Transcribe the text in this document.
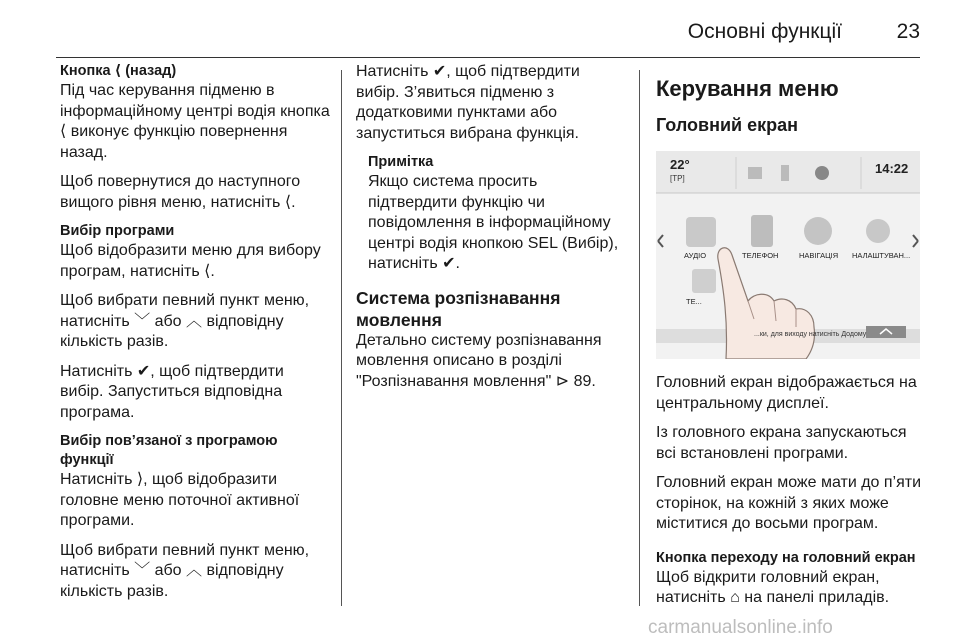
Основні функції	23

Кнопка ⟨ (назад)

Під час керування підменю в інформаційному центрі водія кнопка ⟨ виконує функцію повернення назад.

Щоб повернутися до наступного вищого рівня меню, натисніть ⟨.

Вибір програми

Щоб відобразити меню для вибору програм, натисніть ⟨.

Щоб вибрати певний пункт меню, натисніть ﹀ або ︿ відповідну кількість разів.

Натисніть ✔, щоб підтвердити вибір. Запуститься відповідна програма.

Вибір пов’язаної з програмою функції

Натисніть ⟩, щоб відобразити головне меню поточної активної програми.

Щоб вибрати певний пункт меню, натисніть ﹀ або ︿ відповідну кількість разів.

Натисніть ✔, щоб підтвердити вибір. З’явиться підменю з додатковими пунктами або запуститься вибрана функція.

Примітка

Якщо система просить підтвердити функцію чи повідомлення в інформаційному центрі водія кнопкою SEL (Вибір), натисніть ✔.

Система розпізнавання мовлення

Детально систему розпізнавання мовлення описано в розділі "Розпізнавання мовлення" ⊳ 89.

Керування меню

Головний екран

22°
[ТР]
14:22
АУДІО	ТЕЛЕФОН	НАВІГАЦІЯ НАЛАШТУВАН...
ТЕ...
...ки, для виходу натисніть Додому

Головний екран відображається на центральному дисплеї.

Із головного екрана запускаються всі встановлені програми.

Головний екран може мати до п’яти сторінок, на кожній з яких може міститися до восьми програм.

Кнопка переходу на головний екран

Щоб відкрити головний екран, натисніть ⌂ на панелі приладів.

carmanualsonline.info
